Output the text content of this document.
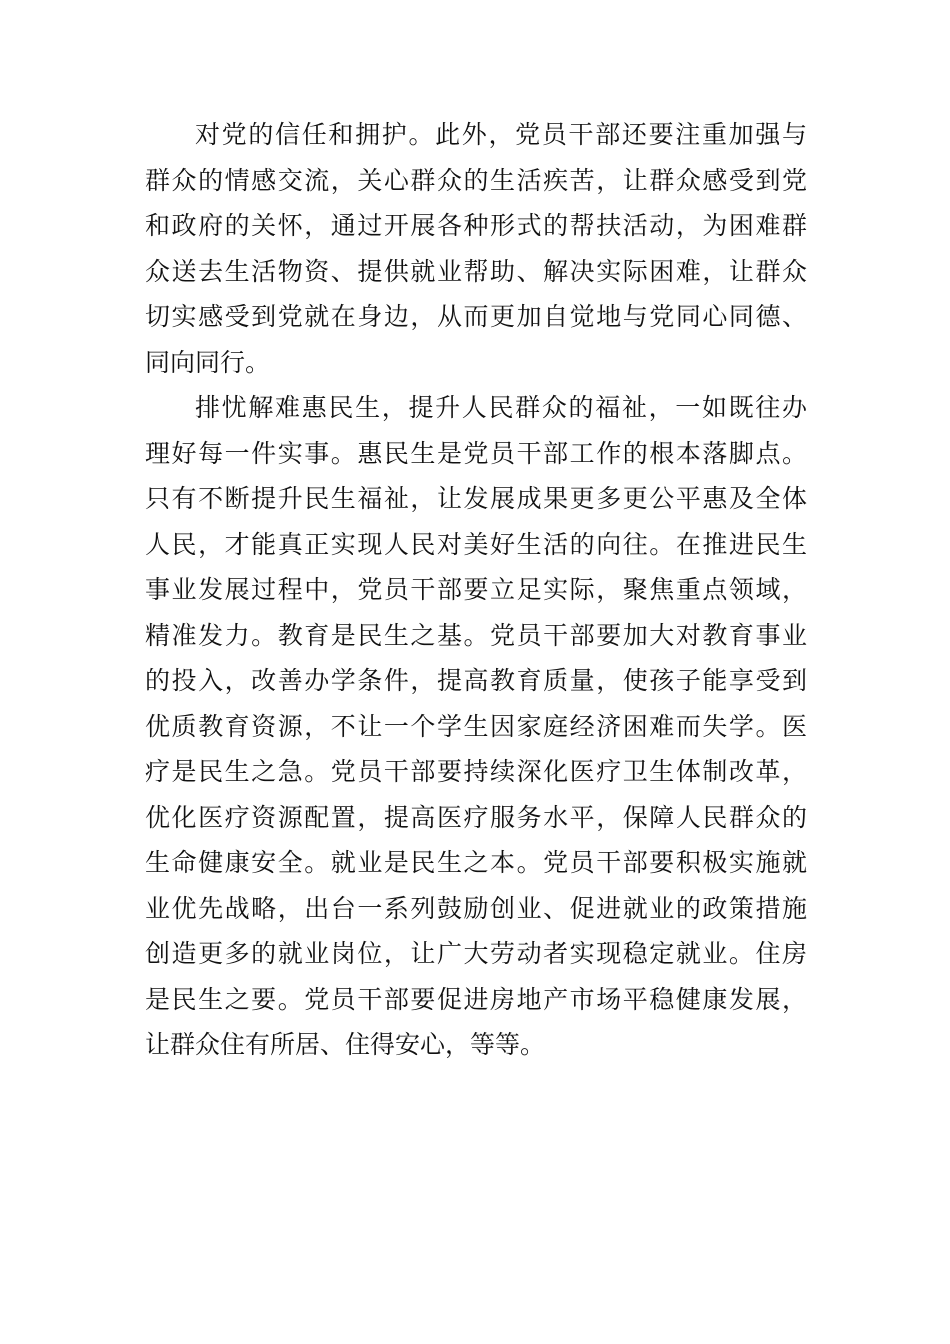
对党的信任和拥护。此外，党员干部还要注重加强与
群众的情感交流，关心群众的生活疾苦，让群众感受到党
和政府的关怀，通过开展各种形式的帮扶活动，为困难群
众送去生活物资、提供就业帮助、解决实际困难，让群众
切实感受到党就在身边，从而更加自觉地与党同心同德、
同向同行。

排忧解难惠民生，提升人民群众的福祉，一如既往办
理好每一件实事。惠民生是党员干部工作的根本落脚点。
只有不断提升民生福祉，让发展成果更多更公平惠及全体
人民，才能真正实现人民对美好生活的向往。在推进民生
事业发展过程中，党员干部要立足实际，聚焦重点领域，
精准发力。教育是民生之基。党员干部要加大对教育事业
的投入，改善办学条件，提高教育质量，使孩子能享受到
优质教育资源，不让一个学生因家庭经济困难而失学。医
疗是民生之急。党员干部要持续深化医疗卫生体制改革，
优化医疗资源配置，提高医疗服务水平，保障人民群众的
生命健康安全。就业是民生之本。党员干部要积极实施就
业优先战略，出台一系列鼓励创业、促进就业的政策措施
创造更多的就业岗位，让广大劳动者实现稳定就业。住房
是民生之要。党员干部要促进房地产市场平稳健康发展，
让群众住有所居、住得安心，等等。
